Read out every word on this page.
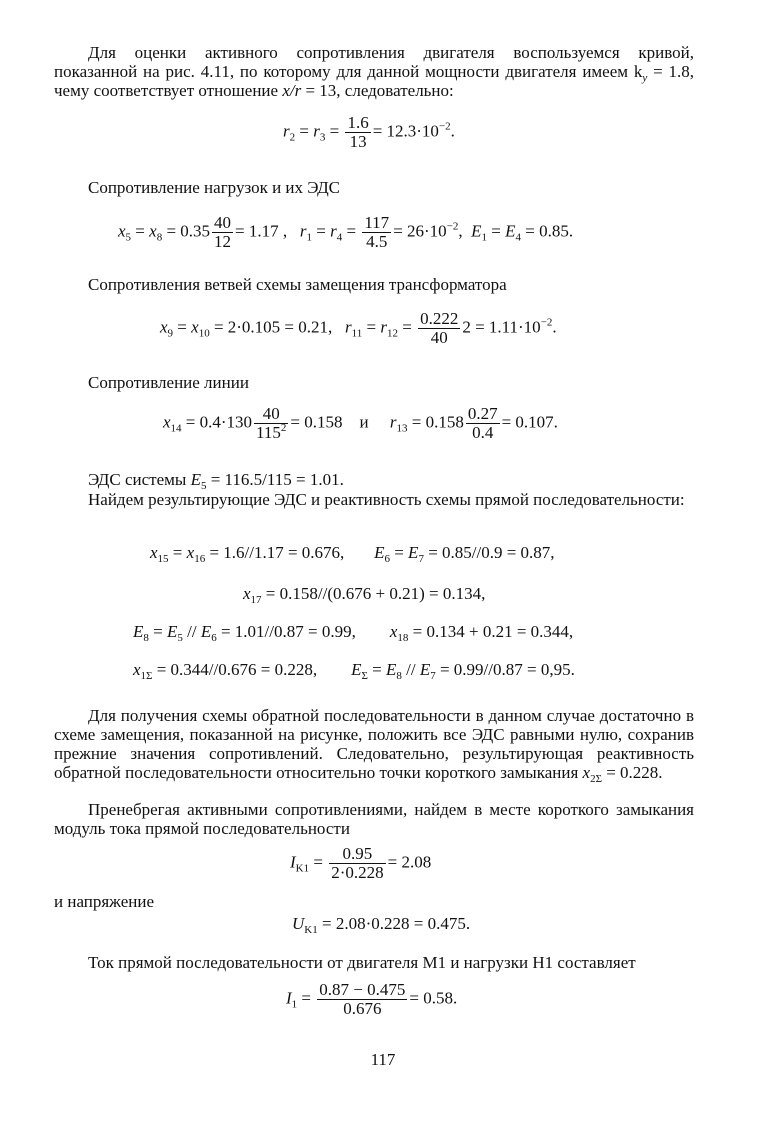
Для оценки активного сопротивления двигателя воспользуемся кривой, показанной на рис. 4.11, по которому для данной мощности двигателя имеем $k_y = 1.8$, чему соответствует отношение x/r = 13, следовательно:

$r_2 = r_3 = \frac{1.6}{13} = 12.3\cdot 10^{-2}$.

Сопротивление нагрузок и их ЭДС

$x_5 = x_8 = 0.35 \frac{40}{12} = 1.17$ , $r_1 = r_4 = \frac{117}{4.5} = 26\cdot 10^{-2}$,  $E_1 = E_4 = 0.85$.

Сопротивления ветвей схемы замещения трансформатора

$x_9 = x_{10} = 2\cdot 0.105 = 0.21$, $r_{11} = r_{12} = \frac{0.222}{40} 2 = 1.11\cdot 10^{-2}$.

Сопротивление линии

$x_{14} = 0.4\cdot 130 \frac{40}{115^2} = 0.158$ и $r_{13} = 0.158 \frac{0.27}{0.4} = 0.107$.

ЭДС системы $E_5 = 116.5/115 = 1.01$.

Найдем результирующие ЭДС и реактивность схемы прямой последовательности:

$x_{15} = x_{16} = 1.6//1.17 = 0.676$, $E_6 = E_7 = 0.85//0.9 = 0.87$,
$x_{17} = 0.158//(0.676 + 0.21) = 0.134$,
$E_8 = E_5 // E_6 = 1.01//0.87 = 0.99$, $x_{18} = 0.134 + 0.21 = 0.344$,
$x_{1\Sigma} = 0.344//0.676 = 0.228$, $E_\Sigma = E_8 // E_7 = 0.99//0.87 = 0,95$.

Для получения схемы обратной последовательности в данном случае достаточно в схеме замещения, показанной на рисунке, положить все ЭДС равными нулю, сохранив прежние значения сопротивлений. Следовательно, результирующая реактивность обратной последовательности относительно точки короткого замыкания $x_{2\Sigma} = 0.228$.

Пренебрегая активными сопротивлениями, найдем в месте короткого замыкания модуль тока прямой последовательности

$I_{K1} = \frac{0.95}{2\cdot 0.228} = 2.08$

и напряжение

$U_{K1} = 2.08\cdot 0.228 = 0.475$.

Ток прямой последовательности от двигателя М1 и нагрузки Н1 составляет

$I_1 = \frac{0.87 - 0.475}{0.676} = 0.58$.
117
